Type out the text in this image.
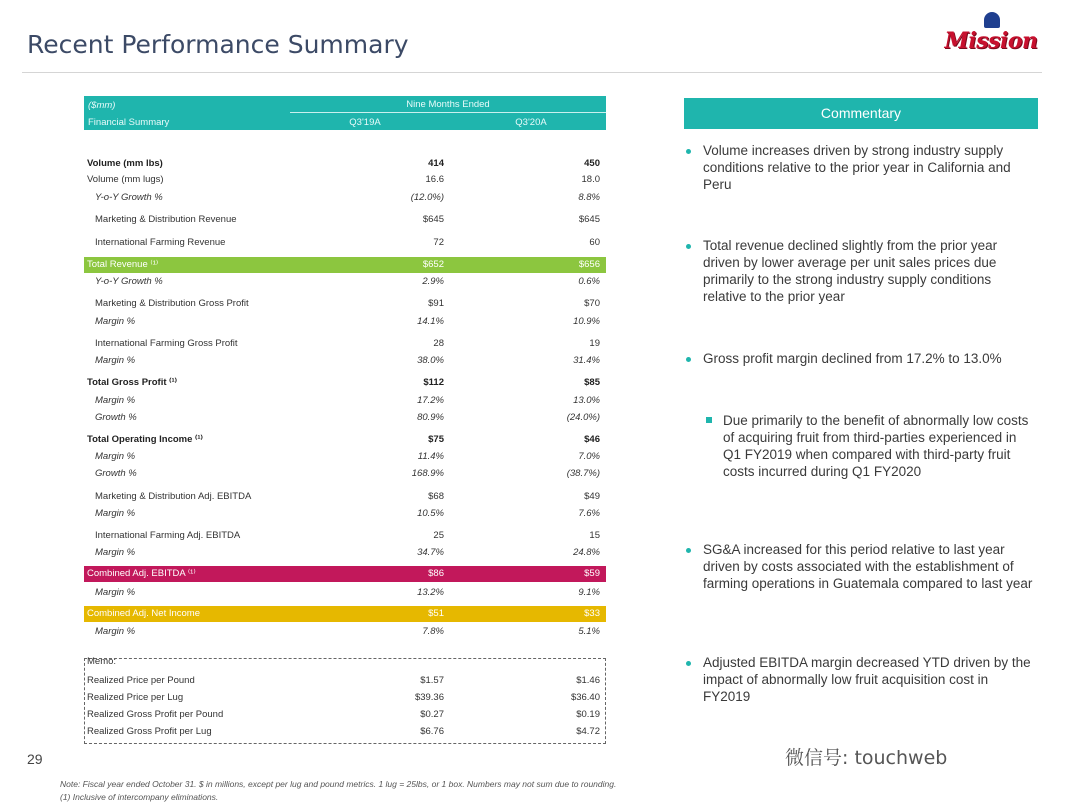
Recent Performance Summary	Mission
($mm)
Financial Summary
Nine Months Ended
Q3'19A	Q3'20A
Volume (mm lbs)	414	450
Volume (mm lugs)	16.6	18.0
Y-o-Y Growth %	(12.0%)	8.8%
Marketing & Distribution Revenue	$645	$645
International Farming Revenue	72	60
Total Revenue ⁽¹⁾	$652	$656
Y-o-Y Growth %	2.9%	0.6%
Marketing & Distribution Gross Profit	$91	$70
Margin %	14.1%	10.9%
International Farming Gross Profit	28	19
Margin %	38.0%	31.4%
Total Gross Profit ⁽¹⁾	$112	$85
Margin %	17.2%	13.0%
Growth %	80.9%	(24.0%)
Total Operating Income ⁽¹⁾	$75	$46
Margin %	11.4%	7.0%
Growth %	168.9%	(38.7%)
Marketing & Distribution Adj. EBITDA	$68	$49
Margin %	10.5%	7.6%
International Farming Adj. EBITDA	25	15
Margin %	34.7%	24.8%
Combined Adj. EBITDA ⁽¹⁾	$86	$59
Margin %	13.2%	9.1%
Combined Adj. Net Income	$51	$33
Margin %	7.8%	5.1%
Memo:
Realized Price per Pound	$1.57	$1.46
Realized Price per Lug	$39.36	$36.40
Realized Gross Profit per Pound	$0.27	$0.19
Realized Gross Profit per Lug	$6.76	$4.72
Commentary
Volume increases driven by strong industry supply conditions relative to the prior year in California and Peru
Total revenue declined slightly from the prior year driven by lower average per unit sales prices due primarily to the strong industry supply conditions relative to the prior year
Gross profit margin declined from 17.2% to 13.0%
Due primarily to the benefit of abnormally low costs of acquiring fruit from third-parties experienced in Q1 FY2019 when compared with third-party fruit costs incurred during Q1 FY2020
SG&A increased for this period relative to last year driven by costs associated with the establishment of farming operations in Guatemala compared to last year
Adjusted EBITDA margin decreased YTD driven by the impact of abnormally low fruit acquisition cost in FY2019
29	微信号: touchweb
Note: Fiscal year ended October 31. $ in millions, except per lug and pound metrics. 1 lug = 25lbs, or 1 box. Numbers may not sum due to rounding.
(1) Inclusive of intercompany eliminations.
